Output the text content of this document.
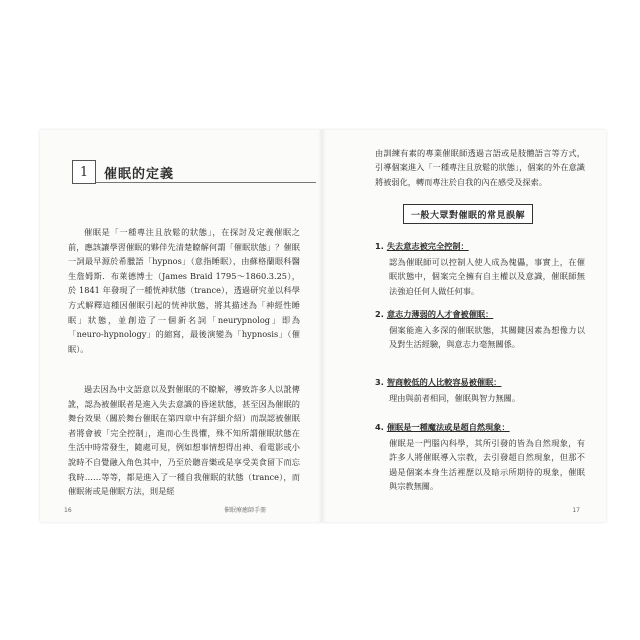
1	催眠的定義

催眠是「一種專注且放鬆的狀態」，在探討及定義催眠之前，應該讓學習催眠的夥伴先清楚瞭解何謂「催眠狀態」？催眠一詞最早源於希臘語「hypnos」（意指睡眠），由蘇格蘭眼科醫生詹姆斯．布萊德博士（James Braid 1795～1860.3.25），於 1841 年發現了一種恍神狀態（trance），透過研究並以科學方式解釋這種因催眠引起的恍神狀態，將其描述為「神經性睡眠」狀態，並創造了一個新名詞「neurypnolog」即為「neuro-hypnology」的縮寫，最後演變為「hypnosis」（催眠）。

過去因為中文語意以及對催眠的不瞭解，導致許多人以訛傳訛，認為被催眠者是進入失去意識的昏迷狀態，甚至因為催眠的舞台效果（關於舞台催眠在第四章中有詳細介紹）而誤認被催眠者將會被「完全控制」，進而心生畏懼，殊不知所謂催眠狀態在生活中時常發生，隨處可見，例如想事情想得出神、看電影或小說時不自覺融入角色其中，乃至於聽音樂或是享受美食留下而忘我時……等等，都是進入了一種自我催眠的狀態（trance），而催眠術或是催眠方法，則是經

16	催眠療癒師手冊

由訓練有素的專業催眠師透過言語或是肢體語言等方式，引導個案進入「一種專注且放鬆的狀態」，個案的外在意識將被弱化，轉而專注於自我的內在感受及探索。

一般大眾對催眠的常見誤解
1. 失去意志被完全控制：

認為催眠師可以控制人使人成為傀儡，事實上，在催眠狀態中，個案完全擁有自主權以及意識，催眠師無法強迫任何人做任何事。

2. 意志力薄弱的人才會被催眠：

個案能進入多深的催眠狀態，其關鍵因素為想像力以及對生活經驗，與意志力毫無關係。

3. 智商較低的人比較容易被催眠：

理由與前者相同，催眠與智力無關。

4. 催眠是一種魔法或是超自然現象：

催眠是一門腦內科學，其所引發的皆為自然現象，有許多人將催眠導入宗教，去引發超自然現象，但那不過是個案本身生活裡歷以及暗示所期待的現象，催眠與宗教無關。

17
